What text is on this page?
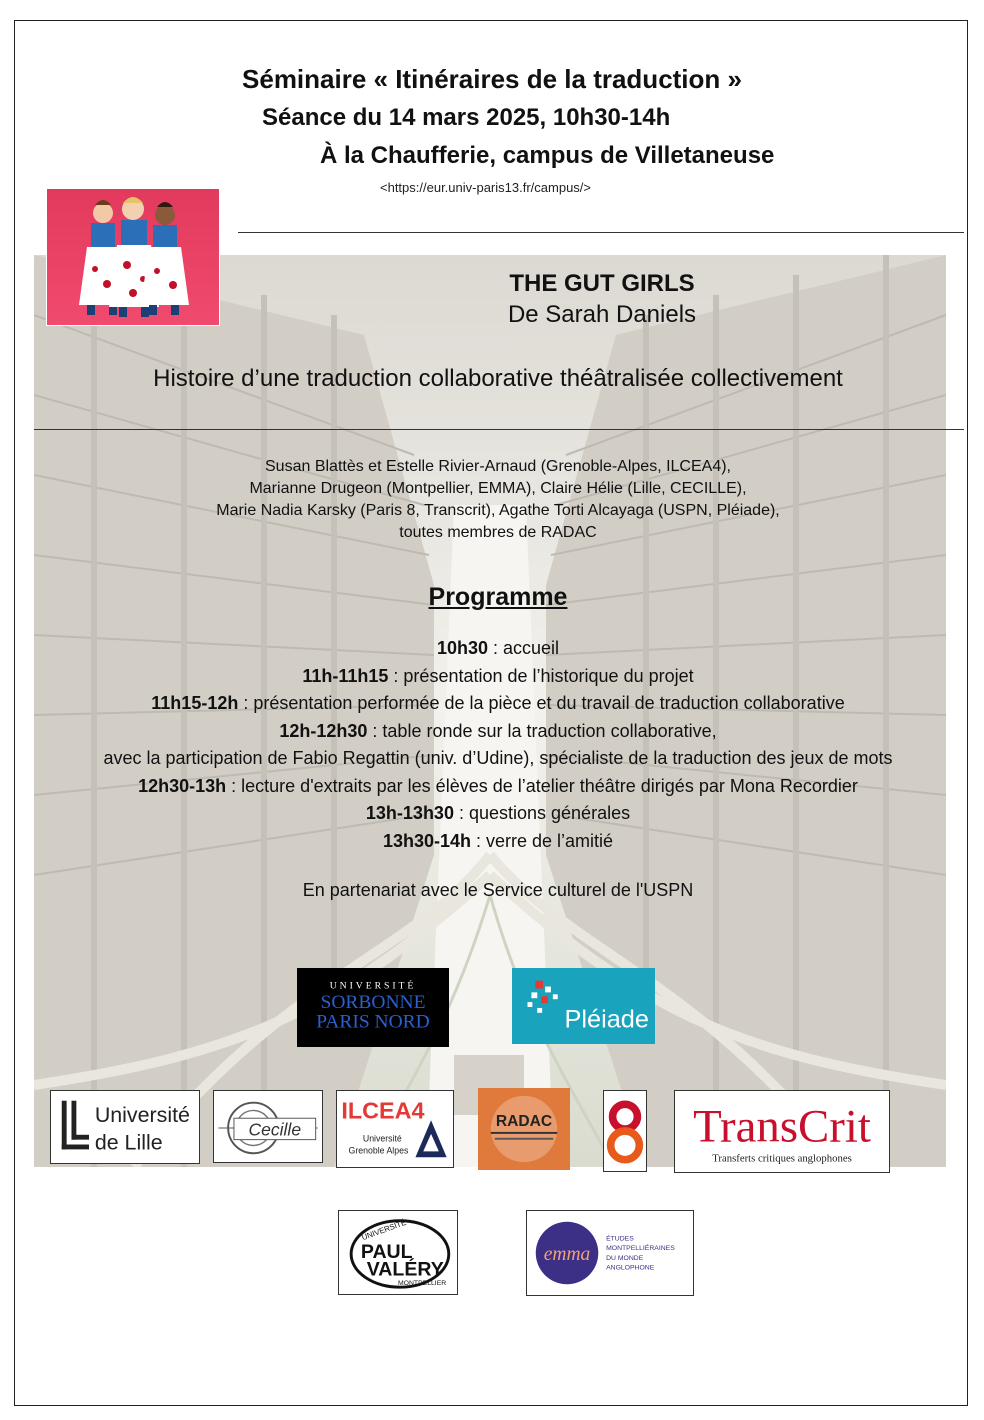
Séminaire « Itinéraires de la traduction »
Séance du 14 mars 2025, 10h30-14h
À la Chaufferie, campus de Villetaneuse
<https://eur.univ-paris13.fr/campus/>
THE GUT GIRLS
De Sarah Daniels
Histoire d’une traduction collaborative théâtralisée collectivement
Susan Blattès et Estelle Rivier-Arnaud (Grenoble-Alpes, ILCEA4),
Marianne Drugeon (Montpellier, EMMA), Claire Hélie (Lille, CECILLE),
Marie Nadia Karsky (Paris 8, Transcrit), Agathe Torti Alcayaga (USPN, Pléiade),
toutes membres de RADAC
Programme
10h30 : accueil
11h-11h15 : présentation de l’historique du projet
11h15-12h : présentation performée de la pièce et du travail de traduction collaborative
12h-12h30 : table ronde sur la traduction collaborative,
avec la participation de Fabio Regattin (univ. d’Udine), spécialiste de la traduction des jeux de mots
12h30-13h : lecture d'extraits par les élèves de l’atelier théâtre dirigés par Mona Recordier
13h-13h30 : questions générales
13h30-14h : verre de l’amitié
En partenariat avec le Service culturel de l'USPN
UNIVERSITÉ
SORBONNE
PARIS NORD	Pléiade
Université
de Lille
Cecille
ILCEA4
Université
Grenoble Alpes
RADAC	TransCrit
Transferts critiques anglophones
UNIVERSITÉ
PAUL
VALÉRY
MONTPELLIER
emma
ÉTUDES
MONTPELLIÉRAINES
DU MONDE
ANGLOPHONE
